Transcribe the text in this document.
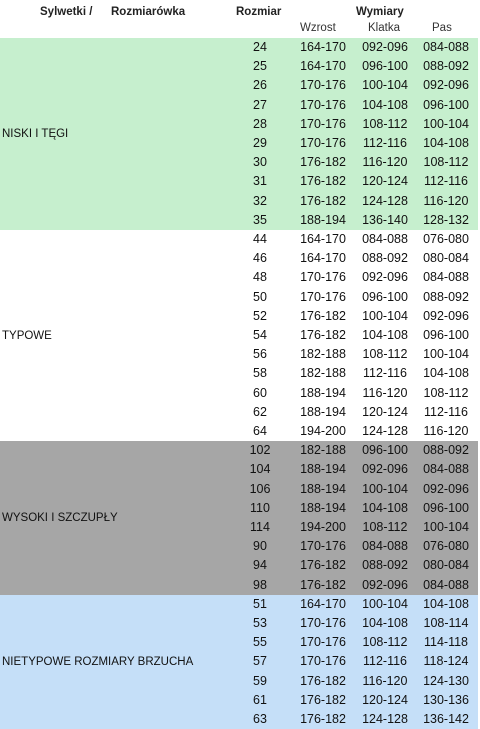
Sylwetki / Rozmiarówka	Rozmiar	Wymiary
Wzrost	Klatka	Pas
NISKI I TĘGI
24	164-170	092-096	084-088
25	164-170	096-100	088-092
26	170-176	100-104	092-096
27	170-176	104-108	096-100
28	170-176	108-112	100-104
29	170-176	112-116	104-108
30	176-182	116-120	108-112
31	176-182	120-124	112-116
32	176-182	124-128	116-120
35	188-194	136-140	128-132
TYPOWE
44	164-170	084-088	076-080
46	164-170	088-092	080-084
48	170-176	092-096	084-088
50	170-176	096-100	088-092
52	176-182	100-104	092-096
54	176-182	104-108	096-100
56	182-188	108-112	100-104
58	182-188	112-116	104-108
60	188-194	116-120	108-112
62	188-194	120-124	112-116
64	194-200	124-128	116-120
WYSOKI I SZCZUPŁY
102	182-188	096-100	088-092
104	188-194	092-096	084-088
106	188-194	100-104	092-096
110	188-194	104-108	096-100
114	194-200	108-112	100-104
90	170-176	084-088	076-080
94	176-182	088-092	080-084
98	176-182	092-096	084-088
NIETYPOWE ROZMIARY BRZUCHA
51	164-170	100-104	104-108
53	170-176	104-108	108-114
55	170-176	108-112	114-118
57	170-176	112-116	118-124
59	176-182	116-120	124-130
61	176-182	120-124	130-136
63	176-182	124-128	136-142
